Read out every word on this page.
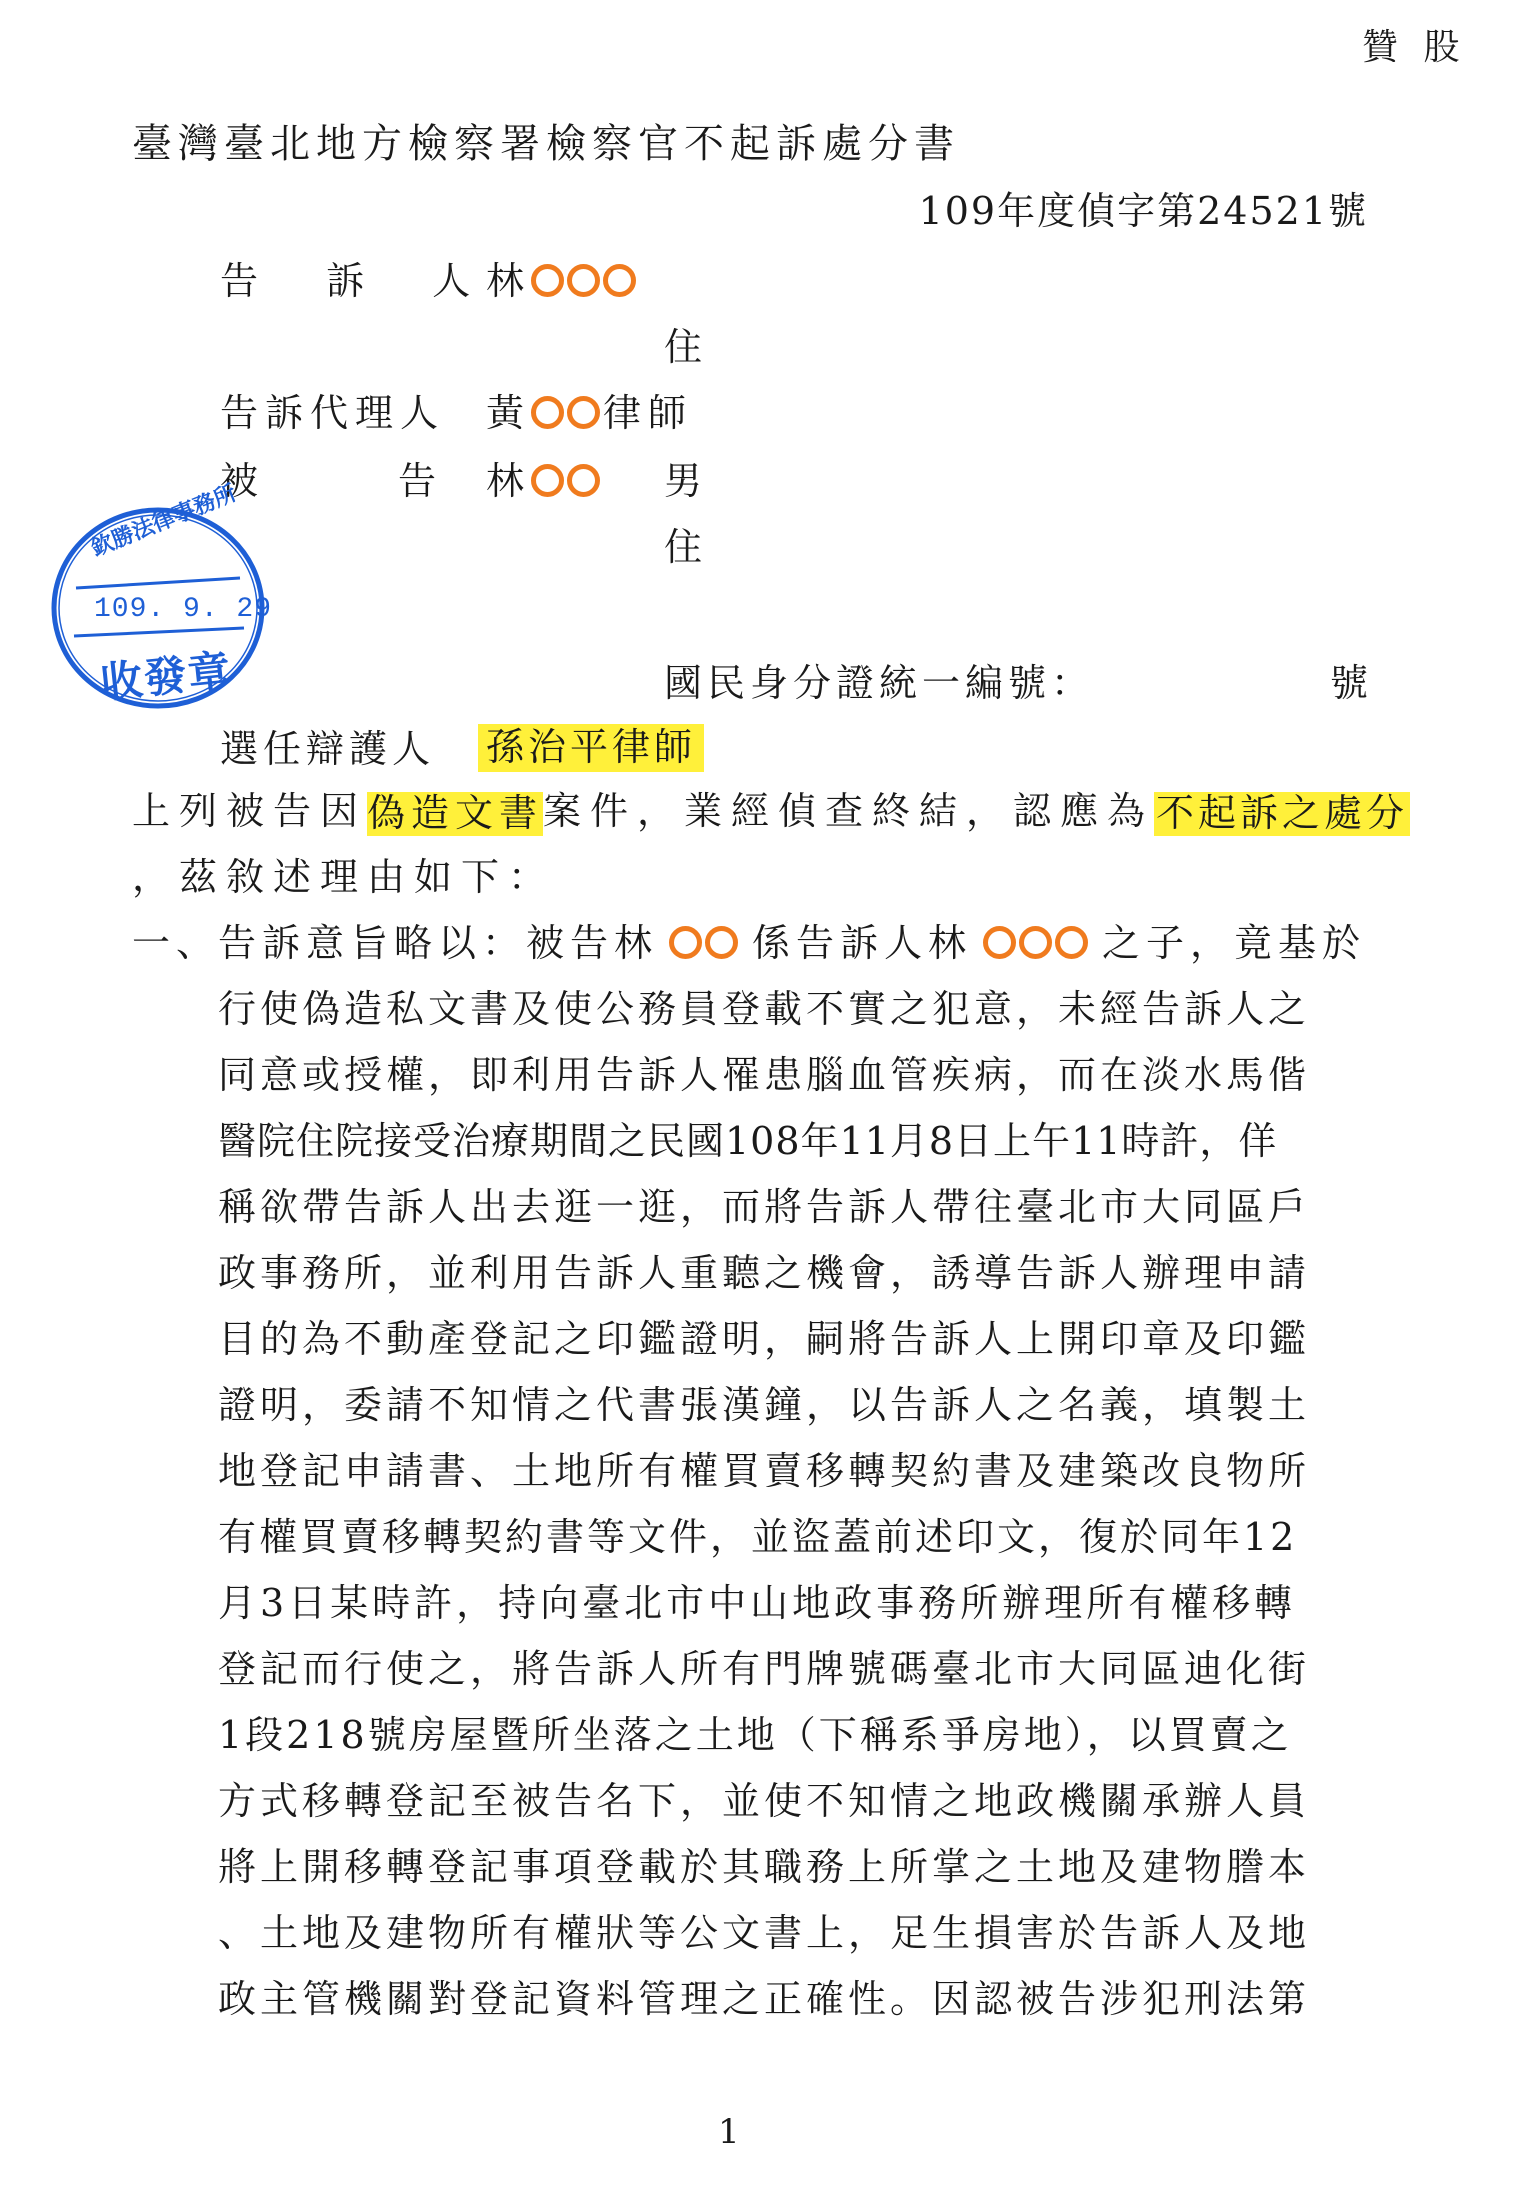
贊 股
臺灣臺北地方檢察署檢察官不起訴處分書
109年度偵字第24521號
告 訴 人
林
住
告訴代理人 黃 律師
被	告 林	男
住
國民身分證統一編號：	號
選任辯護人 孫治平律師
欽勝法律事務所
109. 9. 29
收發章
上列被告因 偽造文書 案件，業經偵查終結，認應為 不起訴之處分
，茲敘述理由如下：
一、
告訴意旨略以：被告林 係告訴人林	之子，竟基於
行使偽造私文書及使公務員登載不實之犯意，未經告訴人之
同意或授權，即利用告訴人罹患腦血管疾病，而在淡水馬偕
醫院住院接受治療期間之民國108年11月8日上午11時許，佯
稱欲帶告訴人出去逛一逛，而將告訴人帶往臺北市大同區戶
政事務所，並利用告訴人重聽之機會，誘導告訴人辦理申請
目的為不動產登記之印鑑證明，嗣將告訴人上開印章及印鑑
證明，委請不知情之代書張漢鐘，以告訴人之名義，填製土
地登記申請書、土地所有權買賣移轉契約書及建築改良物所
有權買賣移轉契約書等文件，並盜蓋前述印文，復於同年12
月3日某時許，持向臺北市中山地政事務所辦理所有權移轉
登記而行使之，將告訴人所有門牌號碼臺北市大同區迪化街
1段218號房屋暨所坐落之土地（下稱系爭房地），以買賣之
方式移轉登記至被告名下，並使不知情之地政機關承辦人員
將上開移轉登記事項登載於其職務上所掌之土地及建物謄本
、土地及建物所有權狀等公文書上，足生損害於告訴人及地
政主管機關對登記資料管理之正確性。因認被告涉犯刑法第
1
